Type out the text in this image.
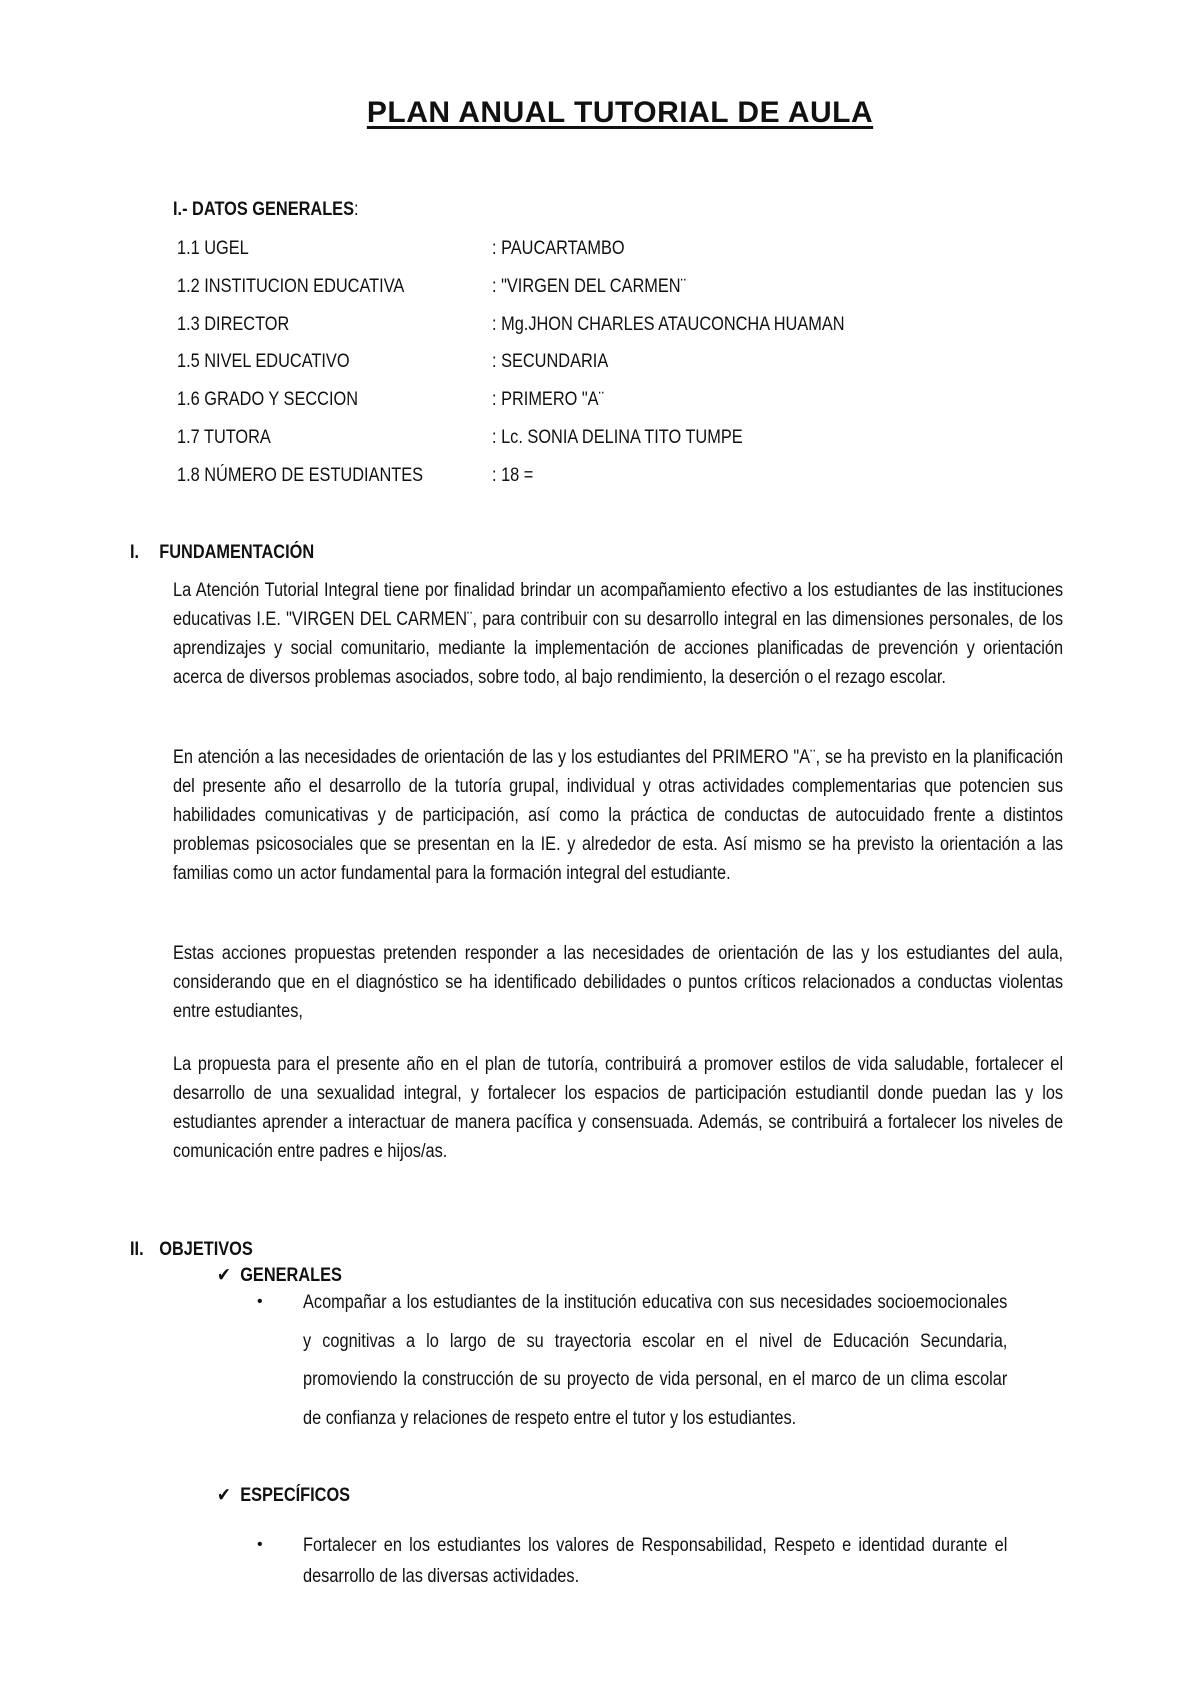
PLAN ANUAL TUTORIAL DE AULA
I.- DATOS GENERALES:
1.1 UGEL	: PAUCARTAMBO
1.2 INSTITUCION EDUCATIVA	: "VIRGEN DEL CARMEN¨
1.3 DIRECTOR	: Mg.JHON CHARLES ATAUCONCHA HUAMAN
1.5 NIVEL EDUCATIVO	: SECUNDARIA
1.6 GRADO Y SECCION	: PRIMERO "A¨
1.7 TUTORA	: Lc. SONIA DELINA TITO TUMPE
1.8 NÚMERO DE ESTUDIANTES	: 18 =
I. FUNDAMENTACIÓN

La Atención Tutorial Integral tiene por finalidad brindar un acompañamiento efectivo a los estudiantes de las instituciones educativas I.E. "VIRGEN DEL CARMEN¨, para contribuir con su desarrollo integral en las dimensiones personales, de los aprendizajes y social comunitario, mediante la implementación de acciones planificadas de prevención y orientación acerca de diversos problemas asociados, sobre todo, al bajo rendimiento, la deserción o el rezago escolar.

En atención a las necesidades de orientación de las y los estudiantes del PRIMERO "A¨, se ha previsto en la planificación del presente año el desarrollo de la tutoría grupal, individual y otras actividades complementarias que potencien sus habilidades comunicativas y de participación, así como la práctica de conductas de autocuidado frente a distintos problemas psicosociales que se presentan en la IE. y alrededor de esta. Así mismo se ha previsto la orientación a las familias como un actor fundamental para la formación integral del estudiante.

Estas acciones propuestas pretenden responder a las necesidades de orientación de las y los estudiantes del aula, considerando que en el diagnóstico se ha identificado debilidades o puntos críticos relacionados a conductas violentas entre estudiantes,

La propuesta para el presente año en el plan de tutoría, contribuirá a promover estilos de vida saludable, fortalecer el desarrollo de una sexualidad integral, y fortalecer los espacios de participación estudiantil donde puedan las y los estudiantes aprender a interactuar de manera pacífica y consensuada. Además, se contribuirá a fortalecer los niveles de comunicación entre padres e hijos/as.

II. OBJETIVOS
✔ GENERALES
• Acompañar a los estudiantes de la institución educativa con sus necesidades socioemocionales y cognitivas a lo largo de su trayectoria escolar en el nivel de Educación Secundaria, promoviendo la construcción de su proyecto de vida personal, en el marco de un clima escolar de confianza y relaciones de respeto entre el tutor y los estudiantes.

✔ ESPECÍFICOS
• Fortalecer en los estudiantes los valores de Responsabilidad, Respeto e identidad durante el desarrollo de las diversas actividades.
